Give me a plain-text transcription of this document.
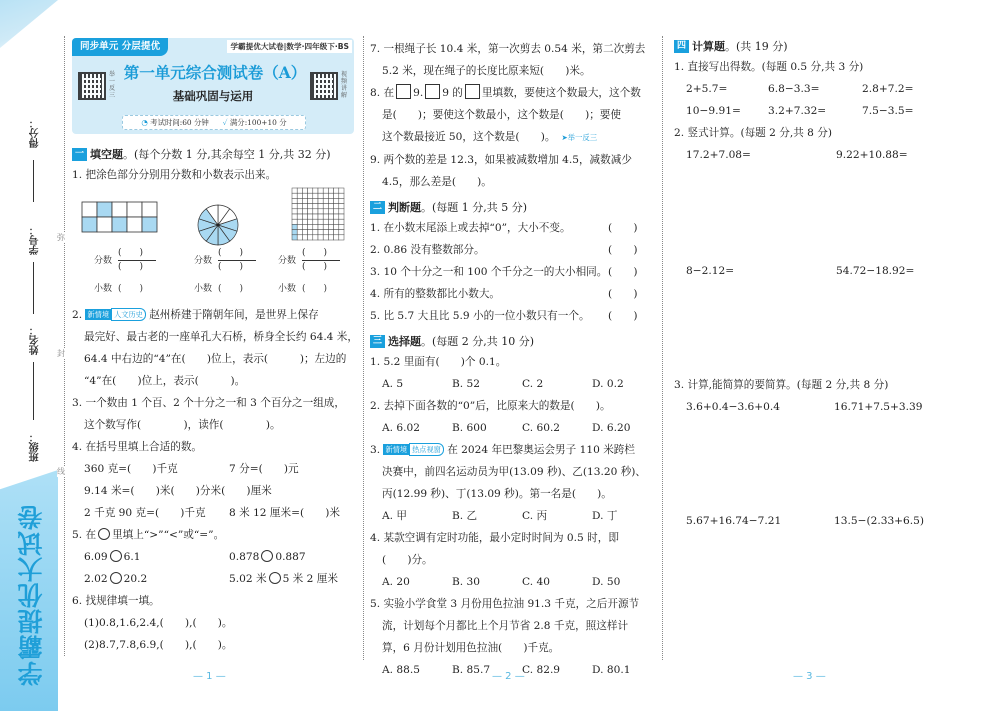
得分：
学号：
姓名：
班级：
学霸提优大试卷
弥
封
线
同步单元 分层提优	学霸提优大试卷|数学·四年级下·BS
举一反三
第一单元综合测试卷（A）	视频讲解
基础巩固与运用
◔ 考试时间:60 分钟 ✓ 满分:100+10 分
一 填空题 。(每个分数 1 分,其余每空 1 分,共 32 分)
1. 把涂色部分分别用分数和小数表示出来。
分数
(　　)
(　　)
小数 (　　)
分数
(　　)
(　　)
小数 (　　)
分数
(　　)
(　　)
小数 (　　)
2. 新情境 人文历史 赵州桥建于隋朝年间，是世界上保存
最完好、最古老的一座单孔大石桥，桥身全长约 64.4 米，
64.4 中右边的“4”在(　　)位上，表示(　　　)；左边的
“4”在(　　)位上，表示(　　　)。
3. 一个数由 1 个百、2 个十分之一和 3 个百分之一组成，
这个数写作(　　　　)，读作(　　　　)。
4. 在括号里填上合适的数。
360 克=(　　)千克	7 分=(　　)元
9.14 米=(　　)米(　　)分米(　　)厘米
2 千克 90 克=(　　)千克	8 米 12 厘米=(　　)米
5. 在 里填上“>”“<”或“=”。
6.09 6.1	0.878 0.887
2.02 20.2	5.02 米 5 米 2 厘米
6. 找规律填一填。
(1)0.8,1.6,2.4,(　　),(　　)。
(2)8.7,7.8,6.9,(　　),(　　)。
7. 一根绳子长 10.4 米，第一次剪去 0.54 米，第二次剪去
5.2 米，现在绳子的长度比原来短(　　)米。
8. 在 9. 9 的 里填数，要使这个数最大，这个数
是(　　)；要使这个数最小，这个数是(　　)；要使
这个数最接近 50，这个数是(　　)。 ➤举一反三
9. 两个数的差是 12.3，如果被减数增加 4.5，减数减少
4.5，那么差是(　　)。
二 判断题 。(每题 1 分,共 5 分)
1. 在小数末尾添上或去掉“0”，大小不变。	(　　)
2. 0.86 没有整数部分。	(　　)
3. 10 个十分之一和 100 个千分之一的大小相同。 (　　)
4. 所有的整数都比小数大。	(　　)
5. 比 5.7 大且比 5.9 小的一位小数只有一个。	(　　)
三 选择题 。(每题 2 分,共 10 分)
1. 5.2 里面有(　　)个 0.1。
A. 5	B. 52	C. 2	D. 0.2
2. 去掉下面各数的“0”后，比原来大的数是(　　)。
A. 6.02	B. 600	C. 60.2	D. 6.20
3. 新情境 热点视窗 在 2024 年巴黎奥运会男子 110 米跨栏
决赛中，前四名运动员为甲(13.09 秒)、乙(13.20 秒)、
丙(12.99 秒)、丁(13.09 秒)。第一名是(　　)。
A. 甲	B. 乙	C. 丙	D. 丁
4. 某款空调有定时功能，最小定时时间为 0.5 时，即
(　　)分。
A. 20	B. 30	C. 40	D. 50
5. 实验小学食堂 3 月份用色拉油 91.3 千克，之后开源节
流，计划每个月都比上个月节省 2.8 千克，照这样计
算，6 月份计划用色拉油(　　)千克。
A. 88.5	B. 85.7	C. 82.9	D. 80.1
四 计算题 。(共 19 分)
1. 直接写出得数。(每题 0.5 分,共 3 分)
2+5.7=	6.8−3.3=	2.8+7.2=
10−9.91=	3.2+7.32=	7.5−3.5=
2. 竖式计算。(每题 2 分,共 8 分)
17.2+7.08=	9.22+10.88=
8−2.12=	54.72−18.92=
3. 计算,能简算的要简算。(每题 2 分,共 8 分)
3.6+0.4−3.6+0.4	16.71+7.5+3.39
5.67+16.74−7.21	13.5−(2.33+6.5)
— 1 —	— 2 —	— 3 —
